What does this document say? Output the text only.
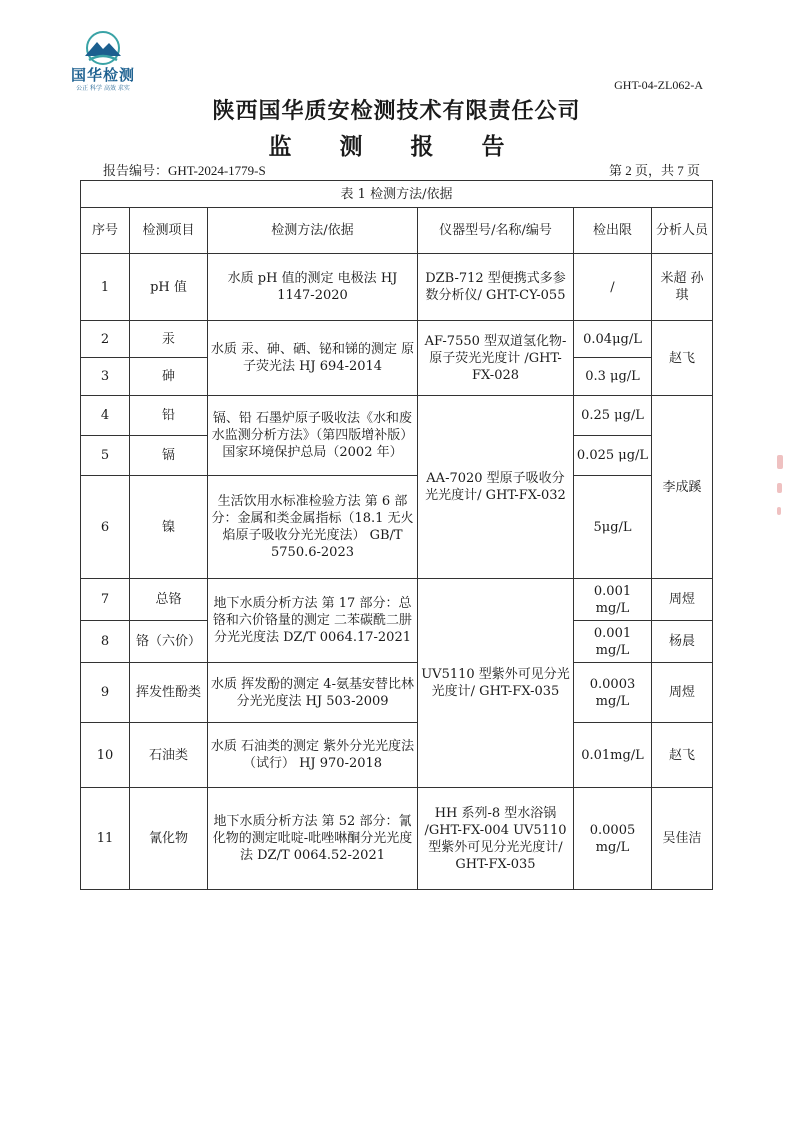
国华检测
公正 科学 高效 求实	GHT-04-ZL062-A
陕西国华质安检测技术有限责任公司
监 测 报 告
报告编号：GHT-2024-1779-S	第 2 页，共 7 页
表 1 检测方法/依据					
序号	检测项目	检测方法/依据	仪器型号/名称/编号	检出限	分析人员
1	pH 值	水质 pH 值的测定 电极法 HJ 1147-2020	DZB-712 型便携式多参数分析仪/ GHT-CY-055	/	米超 孙琪
2	汞	水质 汞、砷、硒、铋和锑的测定 原子荧光法 HJ 694-2014	AF-7550 型双道氢化物-原子荧光光度计 /GHT-FX-028	0.04μg/L	赵飞
3	砷			0.3 μg/L	
4	铅	镉、铅 石墨炉原子吸收法《水和废水监测分析方法》（第四版增补版）国家环境保护总局（2002 年）	AA-7020 型原子吸收分光光度计/ GHT-FX-032	0.25 μg/L	李成蹊
5	镉			0.025 μg/L	
6	镍	生活饮用水标准检验方法 第 6 部分：金属和类金属指标（18.1 无火焰原子吸收分光光度法） GB/T 5750.6-2023		5μg/L	
7	总铬	地下水质分析方法 第 17 部分：总铬和六价铬量的测定 二苯碳酰二肼分光光度法 DZ/T 0064.17-2021	UV5110 型紫外可见分光光度计/ GHT-FX-035	0.001 mg/L	周煜
8	铬（六价）			0.001 mg/L	杨晨
9	挥发性酚类	水质 挥发酚的测定 4-氨基安替比林分光光度法 HJ 503-2009		0.0003 mg/L	周煜
10	石油类	水质 石油类的测定 紫外分光光度法（试行） HJ 970-2018		0.01mg/L	赵飞
11	氰化物	地下水质分析方法 第 52 部分：氰化物的测定吡啶-吡唑啉酮分光光度法 DZ/T 0064.52-2021	HH 系列-8 型水浴锅 /GHT-FX-004 UV5110 型紫外可见分光光度计/ GHT-FX-035	0.0005 mg/L	吴佳洁
